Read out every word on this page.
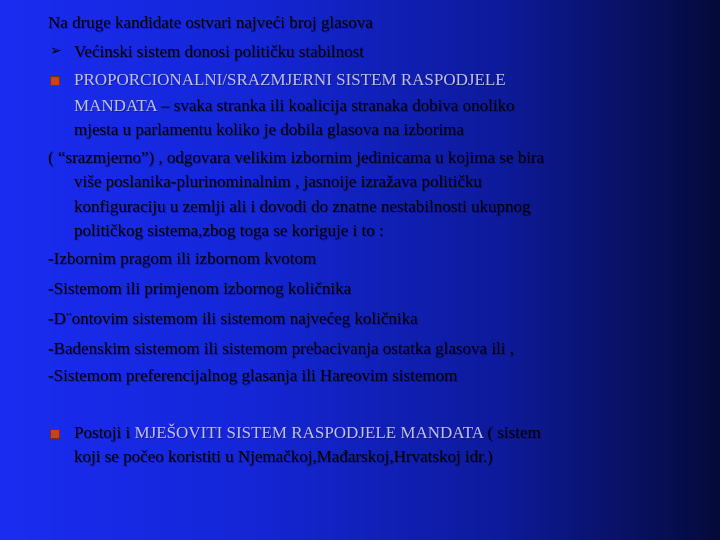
Na druge kandidate ostvari najveći broj glasova
➢ Većinski sistem donosi političku stabilnost
PROPORCIONALNI/SRAZMJERNI SISTEM RASPODJELE
MANDATA – svaka stranka ili koalicija stranaka dobiva onoliko
mjesta u parlamentu koliko je dobila glasova na izborima
( “srazmjerno”) , odgovara velikim izbornim jedinicama u kojima se bira
više poslanika-plurinominalnim , jasnoije izražava političku
konfiguraciju u zemlji ali i dovodi do znatne nestabilnosti ukupnog
političkog sistema,zbog toga se koriguje i to :
-Izbornim pragom ili izbornom kvotom
-Sistemom ili primjenom izbornog količnika
-D¨ontovim sistemom ili sistemom najvećeg količnika
-Badenskim sistemom ili sistemom prebacivanja ostatka glasova ili ,
-Sistemom preferencijalnog glasanja ili Hareovim sistemom
Postoji i MJEŠOVITI SISTEM RASPODJELE MANDATA ( sistem
koji se počeo koristiti u Njemačkoj,Mađarskoj,Hrvatskoj idr.)
